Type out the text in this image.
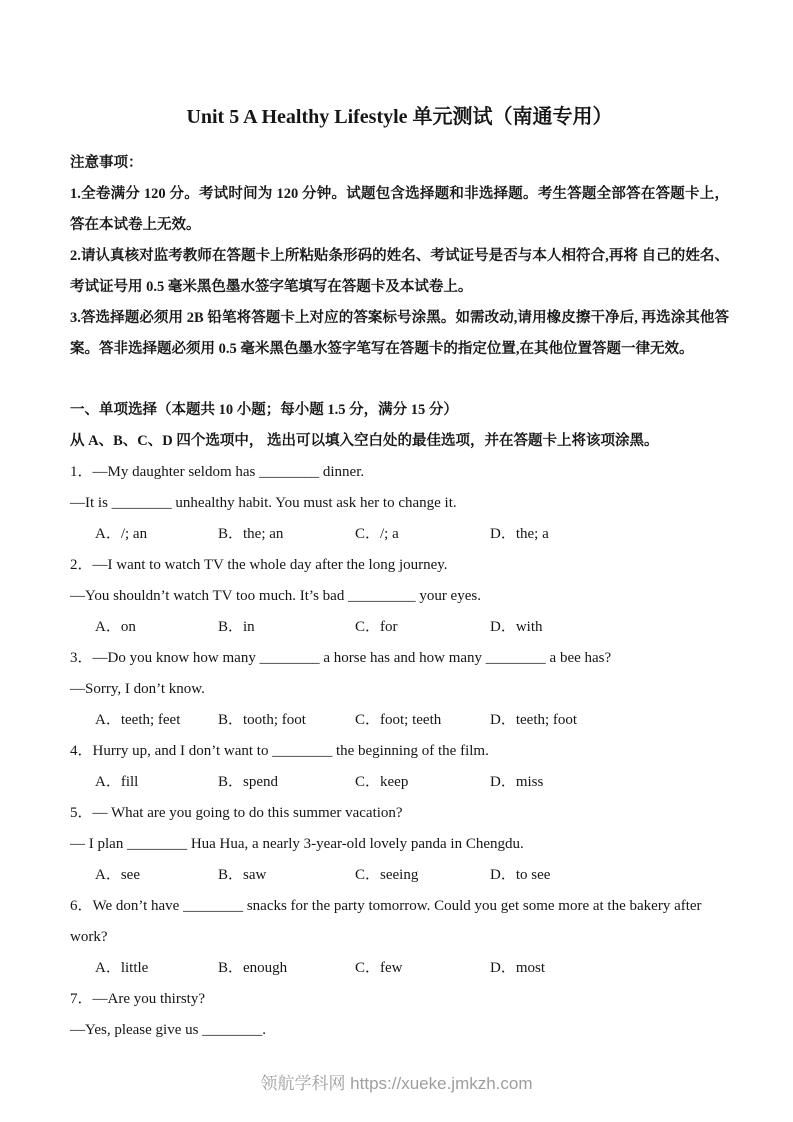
Unit 5 A Healthy Lifestyle 单元测试（南通专用）

注意事项：

1.全卷满分 120 分。考试时间为 120 分钟。试题包含选择题和非选择题。考生答题全部答在答题卡上，答在本试卷上无效。

2.请认真核对监考教师在答题卡上所粘贴条形码的姓名、考试证号是否与本人相符合,再将 自己的姓名、考试证号用 0.5 毫米黑色墨水签字笔填写在答题卡及本试卷上。

3.答选择题必须用 2B 铅笔将答题卡上对应的答案标号涂黑。如需改动,请用橡皮擦干净后, 再选涂其他答案。答非选择题必须用 0.5 毫米黑色墨水签字笔写在答题卡的指定位置,在其他位置答题一律无效。

一、单项选择（本题共 10 小题；每小题 1.5 分，满分 15 分）

从 A、B、C、D 四个选项中， 选出可以填入空白处的最佳选项，并在答题卡上将该项涂黑。

1．—My daughter seldom has ________ dinner.

—It is ________ unhealthy habit. You must ask her to change it.

A．/; an	B．the; an	C．/; a	D．the; a

2．—I want to watch TV the whole day after the long journey.

—You shouldn’t watch TV too much. It’s bad _________ your eyes.

A．on	B．in	C．for	D．with

3．—Do you know how many ________ a horse has and how many ________ a bee has?

—Sorry, I don’t know.

A．teeth; feet	B．tooth; foot	C．foot; teeth	D．teeth; foot

4．Hurry up, and I don’t want to ________ the beginning of the film.

A．fill	B．spend	C．keep	D．miss

5．— What are you going to do this summer vacation?

— I plan ________ Hua Hua, a nearly 3-year-old lovely panda in Chengdu.

A．see	B．saw	C．seeing	D．to see

6．We don’t have ________ snacks for the party tomorrow. Could you get some more at the bakery after work?

A．little	B．enough	C．few	D．most

7．—Are you thirsty?

—Yes, please give us ________.

领航学科网 https://xueke.jmkzh.com
